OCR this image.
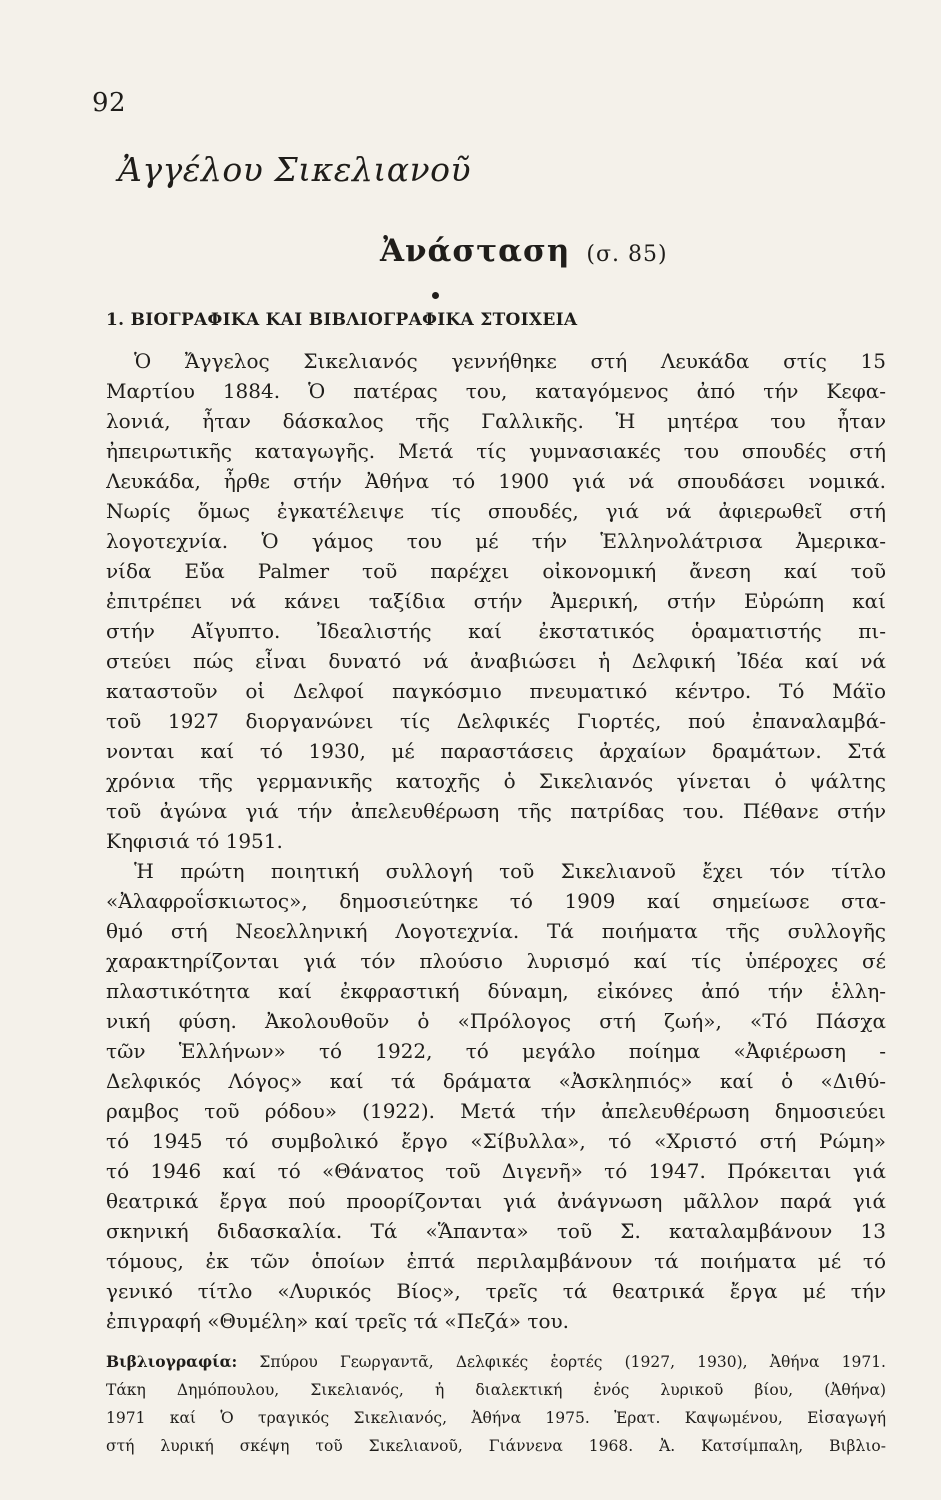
92
Ἀγγέλου Σικελιανοῦ
Ἀνάσταση (σ. 85)
1. ΒΙΟΓΡΑΦΙΚΑ ΚΑΙ ΒΙΒΛΙΟΓΡΑΦΙΚΑ ΣΤΟΙΧΕΙΑ
Ὁ Ἄγγελος Σικελιανός γεννήθηκε στή Λευκάδα στίς 15
Μαρτίου 1884. Ὁ πατέρας του, καταγόμενος ἀπό τήν Κεφα-
λονιά, ἦταν δάσκαλος τῆς Γαλλικῆς. Ἡ μητέρα του ἦταν
ἠπειρωτικῆς καταγωγῆς. Μετά τίς γυμνασιακές του σπουδές στή
Λευκάδα, ἦρθε στήν Ἀθήνα τό 1900 γιά νά σπουδάσει νομικά.
Νωρίς ὅμως ἐγκατέλειψε τίς σπουδές, γιά νά ἀφιερωθεῖ στή
λογοτεχνία. Ὁ γάμος του μέ τήν Ἑλληνολάτρισα Ἀμερικα-
νίδα Εὔα Palmer τοῦ παρέχει οἰκονομική ἄνεση καί τοῦ
ἐπιτρέπει νά κάνει ταξίδια στήν Ἀμερική, στήν Εὐρώπη καί
στήν Αἴγυπτο. Ἰδεαλιστής καί ἐκστατικός ὁραματιστής πι-
στεύει πώς εἶναι δυνατό νά ἀναβιώσει ἡ Δελφική Ἰδέα καί νά
καταστοῦν οἱ Δελφοί παγκόσμιο πνευματικό κέντρο. Τό Μάϊο
τοῦ 1927 διοργανώνει τίς Δελφικές Γιορτές, πού ἐπαναλαμβά-
νονται καί τό 1930, μέ παραστάσεις ἀρχαίων δραμάτων. Στά
χρόνια τῆς γερμανικῆς κατοχῆς ὁ Σικελιανός γίνεται ὁ ψάλτης
τοῦ ἀγώνα γιά τήν ἀπελευθέρωση τῆς πατρίδας του. Πέθανε στήν
Κηφισιά τό 1951.
Ἡ πρώτη ποιητική συλλογή τοῦ Σικελιανοῦ ἔχει τόν τίτλο
«Ἀλαφροΐσκιωτος», δημοσιεύτηκε τό 1909 καί σημείωσε στα-
θμό στή Νεοελληνική Λογοτεχνία. Τά ποιήματα τῆς συλλογῆς
χαρακτηρίζονται γιά τόν πλούσιο λυρισμό καί τίς ὑπέροχες σέ
πλαστικότητα καί ἐκφραστική δύναμη, εἰκόνες ἀπό τήν ἑλλη-
νική φύση. Ἀκολουθοῦν ὁ «Πρόλογος στή ζωή», «Τό Πάσχα
τῶν Ἑλλήνων» τό 1922, τό μεγάλο ποίημα «Ἀφιέρωση -
Δελφικός Λόγος» καί τά δράματα «Ἀσκληπιός» καί ὁ «Διθύ-
ραμβος τοῦ ρόδου» (1922). Μετά τήν ἀπελευθέρωση δημοσιεύει
τό 1945 τό συμβολικό ἔργο «Σίβυλλα», τό «Χριστό στή Ρώμη»
τό 1946 καί τό «Θάνατος τοῦ Διγενῆ» τό 1947. Πρόκειται γιά
θεατρικά ἔργα πού προορίζονται γιά ἀνάγνωση μᾶλλον παρά γιά
σκηνική διδασκαλία. Τά «Ἅπαντα» τοῦ Σ. καταλαμβάνουν 13
τόμους, ἐκ τῶν ὁποίων ἑπτά περιλαμβάνουν τά ποιήματα μέ τό
γενικό τίτλο «Λυρικός Βίος», τρεῖς τά θεατρικά ἔργα μέ τήν
ἐπιγραφή «Θυμέλη» καί τρεῖς τά «Πεζά» του.
Βιβλιογραφία: Σπύρου Γεωργαντᾶ, Δελφικές ἑορτές (1927, 1930), Ἀθήνα 1971.
Τάκη Δημόπουλου, Σικελιανός, ἡ διαλεκτική ἑνός λυρικοῦ βίου, (Ἀθήνα)
1971 καί Ὁ τραγικός Σικελιανός, Ἀθήνα 1975. Ἐρατ. Καψωμένου, Εἰσαγωγή
στή λυρική σκέψη τοῦ Σικελιανοῦ, Γιάννενα 1968. Ἀ. Κατσίμπαλη, Βιβλιο-
